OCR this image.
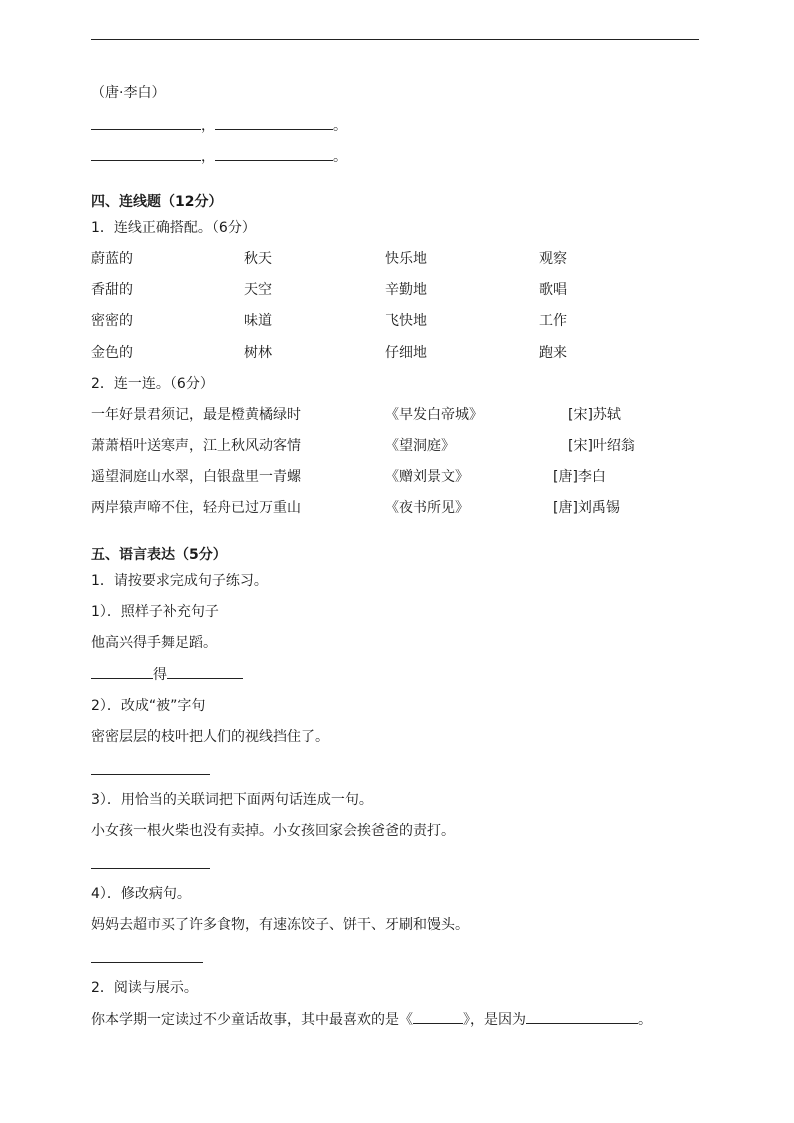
（唐·李白）
，	。
，	。
四、连线题（12分）
1．连线正确搭配。（6分）
蔚蓝的	秋天	快乐地	观察
香甜的	天空	辛勤地	歌唱
密密的	味道	飞快地	工作
金色的	树林	仔细地	跑来
2．连一连。（6分）
一年好景君须记，最是橙黄橘绿时	《早发白帝城》	[宋]苏轼
萧萧梧叶送寒声，江上秋风动客情	《望洞庭》	[宋]叶绍翁
遥望洞庭山水翠，白银盘里一青螺	《赠刘景文》	[唐]李白
两岸猿声啼不住，轻舟已过万重山	《夜书所见》	[唐]刘禹锡
五、语言表达（5分）
1．请按要求完成句子练习。
1）．照样子补充句子
他高兴得手舞足蹈。
得
2）．改成“被”字句
密密层层的枝叶把人们的视线挡住了。
3）．用恰当的关联词把下面两句话连成一句。
小女孩一根火柴也没有卖掉。小女孩回家会挨爸爸的责打。
4）．修改病句。
妈妈去超市买了许多食物，有速冻饺子、饼干、牙刷和馒头。
2．阅读与展示。
你本学期一定读过不少童话故事，其中最喜欢的是《	》，是因为	。
